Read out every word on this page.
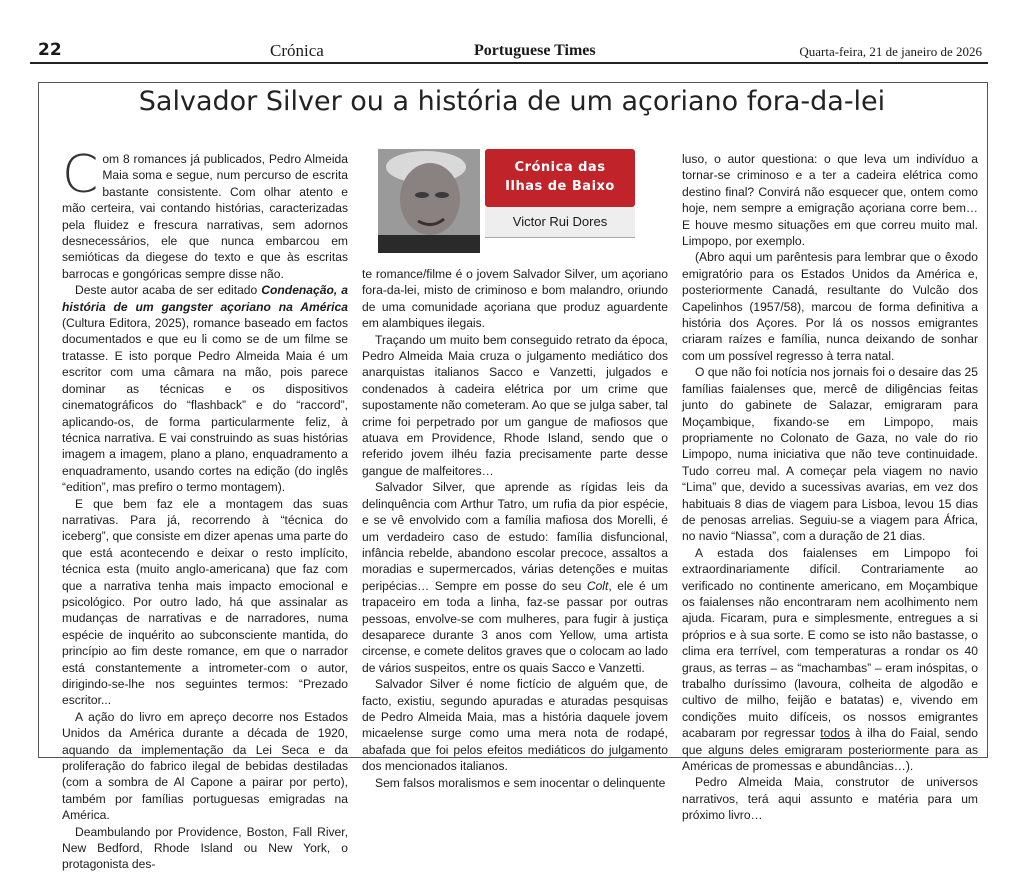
22	Crónica	Portuguese Times	Quarta-feira, 21 de janeiro de 2026
Salvador Silver ou a história de um açoriano fora-da-lei

Com 8 romances já publicados, Pedro Almeida Maia soma e segue, num percurso de escrita bastante consistente. Com olhar atento e mão certeira, vai contando histórias, caracterizadas pela fluidez e frescura narrativas, sem adornos desnecessários, ele que nunca embarcou em semióticas da diegese do texto e que às escritas barrocas e gongóricas sempre disse não.

Deste autor acaba de ser editado Condenação, a história de um gangster açoriano na América (Cultura Editora, 2025), romance baseado em factos documentados e que eu li como se de um filme se tratasse. E isto porque Pedro Almeida Maia é um escritor com uma câmara na mão, pois parece dominar as técnicas e os dispositivos cinematográficos do “flashback” e do “raccord”, aplicando-os, de forma particularmente feliz, à técnica narrativa. E vai construindo as suas histórias imagem a imagem, plano a plano, enquadramento a enquadramento, usando cortes na edição (do inglês “edition”, mas prefiro o termo montagem).

E que bem faz ele a montagem das suas narrativas. Para já, recorrendo à “técnica do iceberg”, que consiste em dizer apenas uma parte do que está acontecendo e deixar o resto implícito, técnica esta (muito anglo-americana) que faz com que a narrativa tenha mais impacto emocional e psicológico. Por outro lado, há que assinalar as mudanças de narrativas e de narradores, numa espécie de inquérito ao subconsciente mantida, do princípio ao fim deste romance, em que o narrador está constantemente a intrometer-com o autor, dirigindo-se-lhe nos seguintes termos: “Prezado escritor...

A ação do livro em apreço decorre nos Estados Unidos da América durante a década de 1920, aquando da implementação da Lei Seca e da proliferação do fabrico ilegal de bebidas destiladas (com a sombra de Al Capone a pairar por perto), também por famílias portuguesas emigradas na América.

Deambulando por Providence, Boston, Fall River, New Bedford, Rhode Island ou New York, o protagonista des-

Crónica das
Ilhas de Baixo
Victor Rui Dores

te romance/filme é o jovem Salvador Silver, um açoriano fora-da-lei, misto de criminoso e bom malandro, oriundo de uma comunidade açoriana que produz aguardente em alambiques ilegais.

Traçando um muito bem conseguido retrato da época, Pedro Almeida Maia cruza o julgamento mediático dos anarquistas italianos Sacco e Vanzetti, julgados e condenados à cadeira elétrica por um crime que supostamente não cometeram. Ao que se julga saber, tal crime foi perpetrado por um gangue de mafiosos que atuava em Providence, Rhode Island, sendo que o referido jovem ilhéu fazia precisamente parte desse gangue de malfeitores…

Salvador Silver, que aprende as rígidas leis da delinquência com Arthur Tatro, um rufia da pior espécie, e se vê envolvido com a família mafiosa dos Morelli, é um verdadeiro caso de estudo: família disfuncional, infância rebelde, abandono escolar precoce, assaltos a moradias e supermercados, várias detenções e muitas peripécias… Sempre em posse do seu Colt, ele é um trapaceiro em toda a linha, faz-se passar por outras pessoas, envolve-se com mulheres, para fugir à justiça desaparece durante 3 anos com Yellow, uma artista circense, e comete delitos graves que o colocam ao lado de vários suspeitos, entre os quais Sacco e Vanzetti.

Salvador Silver é nome fictício de alguém que, de facto, existiu, segundo apuradas e aturadas pesquisas de Pedro Almeida Maia, mas a história daquele jovem micaelense surge como uma mera nota de rodapé, abafada que foi pelos efeitos mediáticos do julgamento dos mencionados italianos.

Sem falsos moralismos e sem inocentar o delinquente

luso, o autor questiona: o que leva um indivíduo a tornar-se criminoso e a ter a cadeira elétrica como destino final? Convirá não esquecer que, ontem como hoje, nem sempre a emigração açoriana corre bem… E houve mesmo situações em que correu muito mal. Limpopo, por exemplo.

(Abro aqui um parêntesis para lembrar que o êxodo emigratório para os Estados Unidos da América e, posteriormente Canadá, resultante do Vulcão dos Capelinhos (1957/58), marcou de forma definitiva a história dos Açores. Por lá os nossos emigrantes criaram raízes e família, nunca deixando de sonhar com um possível regresso à terra natal.

O que não foi notícia nos jornais foi o desaire das 25 famílias faialenses que, mercê de diligências feitas junto do gabinete de Salazar, emigraram para Moçambique, fixando-se em Limpopo, mais propriamente no Colonato de Gaza, no vale do rio Limpopo, numa iniciativa que não teve continuidade. Tudo correu mal. A começar pela viagem no navio “Lima” que, devido a sucessivas avarias, em vez dos habituais 8 dias de viagem para Lisboa, levou 15 dias de penosas arrelias. Seguiu-se a viagem para África, no navio “Niassa”, com a duração de 21 dias.

A estada dos faialenses em Limpopo foi extraordinariamente difícil. Contrariamente ao verificado no continente americano, em Moçambique os faialenses não encontraram nem acolhimento nem ajuda. Ficaram, pura e simplesmente, entregues a si próprios e à sua sorte. E como se isto não bastasse, o clima era terrível, com temperaturas a rondar os 40 graus, as terras – as “machambas” – eram inóspitas, o trabalho duríssimo (lavoura, colheita de algodão e cultivo de milho, feijão e batatas) e, vivendo em condições muito difíceis, os nossos emigrantes acabaram por regressar todos à ilha do Faial, sendo que alguns deles emigraram posteriormente para as Américas de promessas e abundâncias…).

Pedro Almeida Maia, construtor de universos narrativos, terá aqui assunto e matéria para um próximo livro…
